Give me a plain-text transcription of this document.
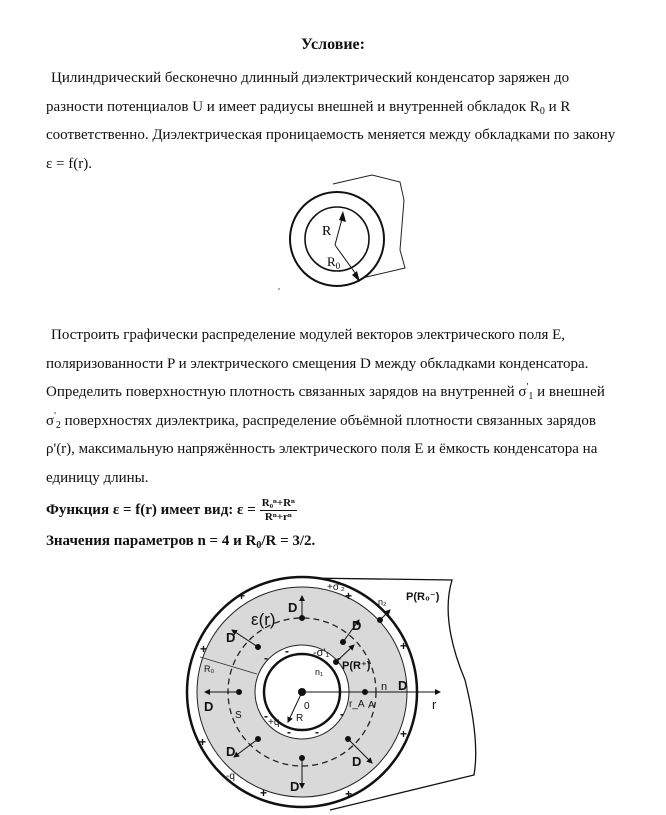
Условие:
Цилиндрический бесконечно длинный диэлектрический конденсатор заряжен до
разности потенциалов U и имеет радиусы внешней и внутренней обкладок $R_0$ и R
соответственно. Диэлектрическая проницаемость меняется между обкладками по закону
ε = f(r).
R
$R_0$
Построить графически распределение модулей векторов электрического поля E,
поляризованности P и электрического смещения D между обкладками конденсатора.
Определить поверхностную плотность связанных зарядов на внутренней $\sigma'_1$ и внешней
$\sigma'_2$ поверхностях диэлектрика, распределение объёмной плотности связанных зарядов
ρ'(r), максимальную напряжённость электрического поля E и ёмкость конденсатора на
единицу длины.
Функция ε = f(r) имеет вид: $\varepsilon = \frac{\text{R₀ⁿ+Rⁿ}}{\text{Rⁿ+rⁿ}}$
Значения параметров n = 4 и $R_0/R = 3/2$.
+	+
+	+
+
+
+	+
-
-
-
-
- -
-
ε(r)
D
D
D
D
D
D
D
D
R₀
R
0
S
A	r
r_A
n
n₁
n₂
P(R⁺)
P(R₀⁻)
-σ'₁
+σ'₂
+q
-q
